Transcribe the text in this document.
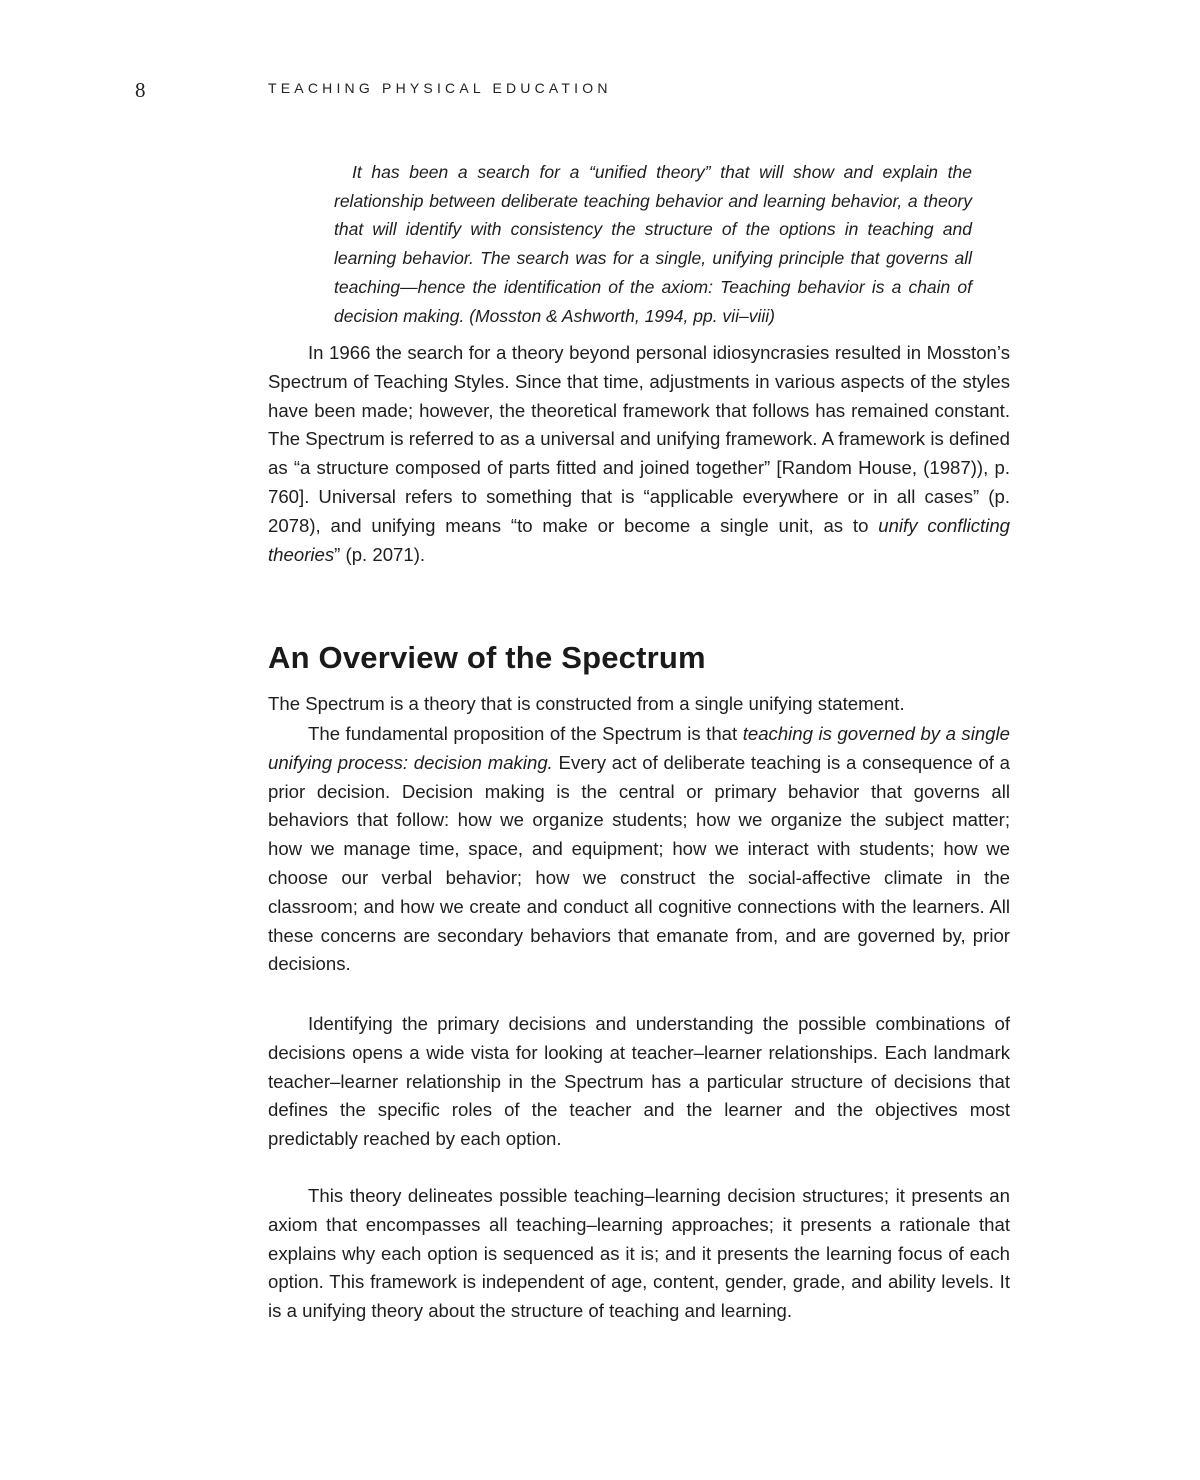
8	TEACHING PHYSICAL EDUCATION

It has been a search for a “unified theory” that will show and explain the relationship between deliberate teaching behavior and learning behavior, a theory that will identify with consistency the structure of the options in teaching and learning behavior. The search was for a single, unifying principle that governs all teaching—hence the identification of the axiom: Teaching behavior is a chain of decision making. (Mosston & Ashworth, 1994, pp. vii–viii)

In 1966 the search for a theory beyond personal idiosyncrasies resulted in Mosston’s Spectrum of Teaching Styles. Since that time, adjustments in various aspects of the styles have been made; however, the theoretical framework that follows has remained constant. The Spectrum is referred to as a universal and unifying framework. A framework is defined as “a structure composed of parts fitted and joined together” [Random House, (1987)), p. 760]. Universal refers to something that is “applicable everywhere or in all cases” (p. 2078), and unifying means “to make or become a single unit, as to unify conflicting theories” (p. 2071).

An Overview of the Spectrum

The Spectrum is a theory that is constructed from a single unifying statement.

The fundamental proposition of the Spectrum is that teaching is governed by a single unifying process: decision making. Every act of deliberate teaching is a consequence of a prior decision. Decision making is the central or primary behavior that governs all behaviors that follow: how we organize students; how we organize the subject matter; how we manage time, space, and equipment; how we interact with students; how we choose our verbal behavior; how we construct the social-affective climate in the classroom; and how we create and conduct all cognitive connections with the learners. All these concerns are secondary behaviors that emanate from, and are governed by, prior decisions.

Identifying the primary decisions and understanding the possible combinations of decisions opens a wide vista for looking at teacher–learner relationships. Each landmark teacher–learner relationship in the Spectrum has a particular structure of decisions that defines the specific roles of the teacher and the learner and the objectives most predictably reached by each option.

This theory delineates possible teaching–learning decision structures; it presents an axiom that encompasses all teaching–learning approaches; it presents a rationale that explains why each option is sequenced as it is; and it presents the learning focus of each option. This framework is independent of age, content, gender, grade, and ability levels. It is a unifying theory about the structure of teaching and learning.
